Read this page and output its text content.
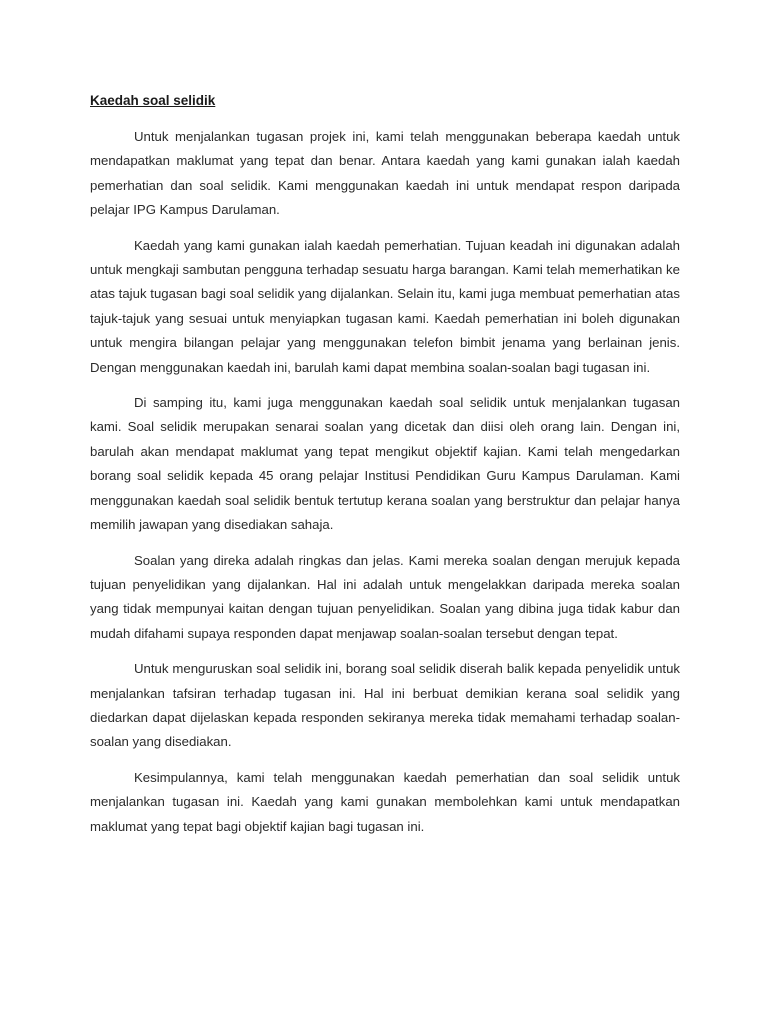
Kaedah soal selidik

Untuk menjalankan tugasan projek ini, kami telah menggunakan beberapa kaedah untuk mendapatkan maklumat yang tepat dan benar. Antara kaedah yang kami gunakan ialah kaedah pemerhatian dan soal selidik. Kami menggunakan kaedah ini untuk mendapat respon daripada pelajar IPG Kampus Darulaman.

Kaedah yang kami gunakan ialah kaedah pemerhatian. Tujuan keadah ini digunakan adalah untuk mengkaji sambutan pengguna terhadap sesuatu harga barangan. Kami telah memerhatikan ke atas tajuk tugasan bagi soal selidik yang dijalankan. Selain itu, kami juga membuat pemerhatian atas tajuk-tajuk yang sesuai untuk menyiapkan tugasan kami. Kaedah pemerhatian ini boleh digunakan untuk mengira bilangan pelajar yang menggunakan telefon bimbit jenama yang berlainan jenis. Dengan menggunakan kaedah ini, barulah kami dapat membina soalan-soalan bagi tugasan ini.

Di samping itu, kami juga menggunakan kaedah soal selidik untuk menjalankan tugasan kami. Soal selidik merupakan senarai soalan yang dicetak dan diisi oleh orang lain. Dengan ini, barulah akan mendapat maklumat yang tepat mengikut objektif kajian. Kami telah mengedarkan borang soal selidik kepada 45 orang pelajar Institusi Pendidikan Guru Kampus Darulaman. Kami menggunakan kaedah soal selidik bentuk tertutup kerana soalan yang berstruktur dan pelajar hanya memilih jawapan yang disediakan sahaja.

Soalan yang direka adalah ringkas dan jelas. Kami mereka soalan dengan merujuk kepada tujuan penyelidikan yang dijalankan. Hal ini adalah untuk mengelakkan daripada mereka soalan yang tidak mempunyai kaitan dengan tujuan penyelidikan. Soalan yang dibina juga tidak kabur dan mudah difahami supaya responden dapat menjawap soalan-soalan tersebut dengan tepat.

Untuk menguruskan soal selidik ini, borang soal selidik diserah balik kepada penyelidik untuk menjalankan tafsiran terhadap tugasan ini. Hal ini berbuat demikian kerana soal selidik yang diedarkan dapat dijelaskan kepada responden sekiranya mereka tidak memahami terhadap soalan-soalan yang disediakan.

Kesimpulannya, kami telah menggunakan kaedah pemerhatian dan soal selidik untuk menjalankan tugasan ini. Kaedah yang kami gunakan membolehkan kami untuk mendapatkan maklumat yang tepat bagi objektif kajian bagi tugasan ini.
